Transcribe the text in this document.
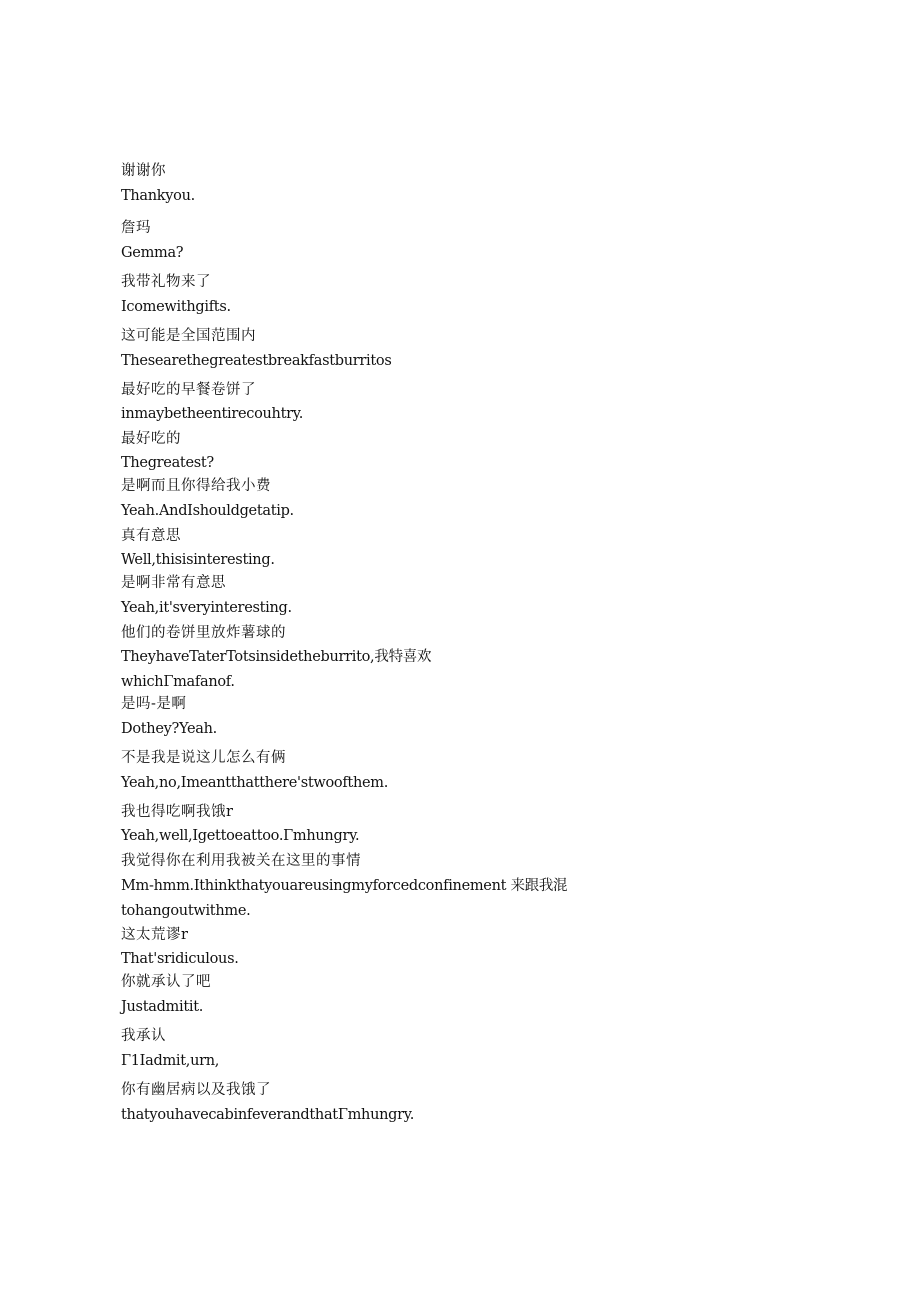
谢谢你
Thankyou.
詹玛
Gemma?
我带礼物来了
Icomewithgifts.
这可能是全国范围内
Thesearethegreatestbreakfastburritos
最好吃的早餐卷饼了
inmaybetheentirecouhtry.
最好吃的
Thegreatest?
是啊而且你得给我小费
Yeah.AndIshouldgetatip.
真有意思
Well,thisisinteresting.
是啊非常有意思
Yeah,it'sveryinteresting.
他们的卷饼里放炸薯球的
TheyhaveTaterTotsinsidetheburrito,我特喜欢
whichΓmafanof.
是吗-是啊
Dothey?Yeah.
不是我是说这儿怎么有俩
Yeah,no,Imeantthatthere'stwoofthem.
我也得吃啊我饿r
Yeah,well,Igettoeattoo.Γmhungry.
我觉得你在利用我被关在这里的事情
Mm-hmm.Ithinkthatyouareusingmyforcedconfinement 来跟我混
tohangoutwithme.
这太荒谬r
That'sridiculous.
你就承认了吧
Justadmitit.
我承认
Γ1Iadmit,urn,
你有幽居病以及我饿了
thatyouhavecabinfeverandthatΓmhungry.
